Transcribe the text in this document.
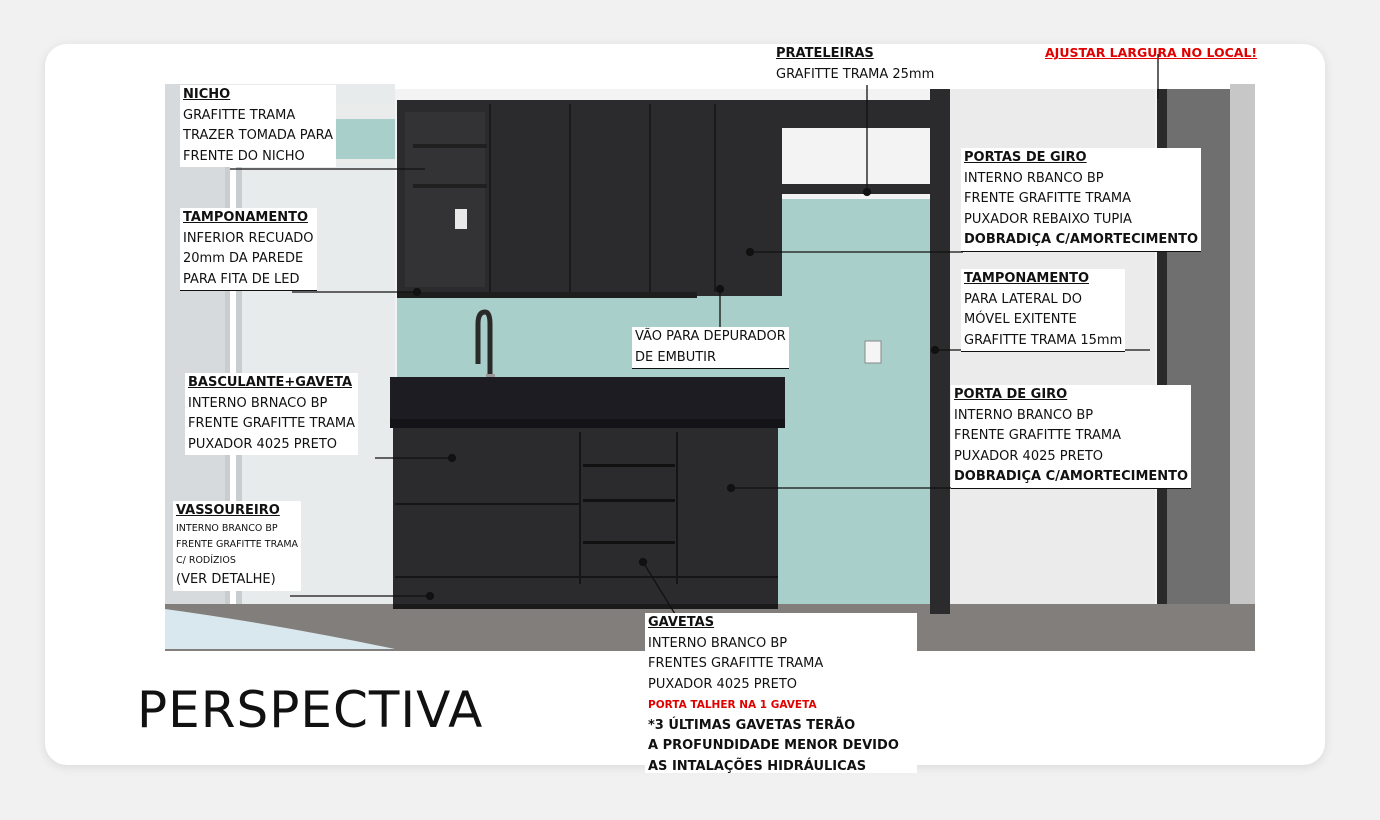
AJUSTAR LARGURA NO LOCAL!
NICHO
GRAFITTE TRAMA
TRAZER TOMADA PARA
FRENTE DO NICHO
PRATELEIRAS
GRAFITTE TRAMA 25mm
TAMPONAMENTO
INFERIOR RECUADO
20mm DA PAREDE
PARA FITA DE LED
PORTAS DE GIRO
INTERNO RBANCO BP
FRENTE GRAFITTE TRAMA
PUXADOR REBAIXO TUPIA
DOBRADIÇA C/AMORTECIMENTO
TAMPONAMENTO
PARA LATERAL DO
MÓVEL EXITENTE
GRAFITTE TRAMA 15mm
VÃO PARA DEPURADOR
DE EMBUTIR
BASCULANTE+GAVETA
INTERNO BRNACO BP
FRENTE GRAFITTE TRAMA
PUXADOR 4025 PRETO
PORTA DE GIRO
INTERNO BRANCO BP
FRENTE GRAFITTE TRAMA
PUXADOR 4025 PRETO
DOBRADIÇA C/AMORTECIMENTO
VASSOUREIRO
INTERNO BRANCO BP
FRENTE GRAFITTE TRAMA
C/ RODÍZIOS
(VER DETALHE)
GAVETAS
INTERNO BRANCO BP
FRENTES GRAFITTE TRAMA
PUXADOR 4025 PRETO
PORTA TALHER NA 1 GAVETA
*3 ÚLTIMAS GAVETAS TERÃO
A PROFUNDIDADE MENOR DEVIDO
AS INTALAÇÕES HIDRÁULICAS
PERSPECTIVA
